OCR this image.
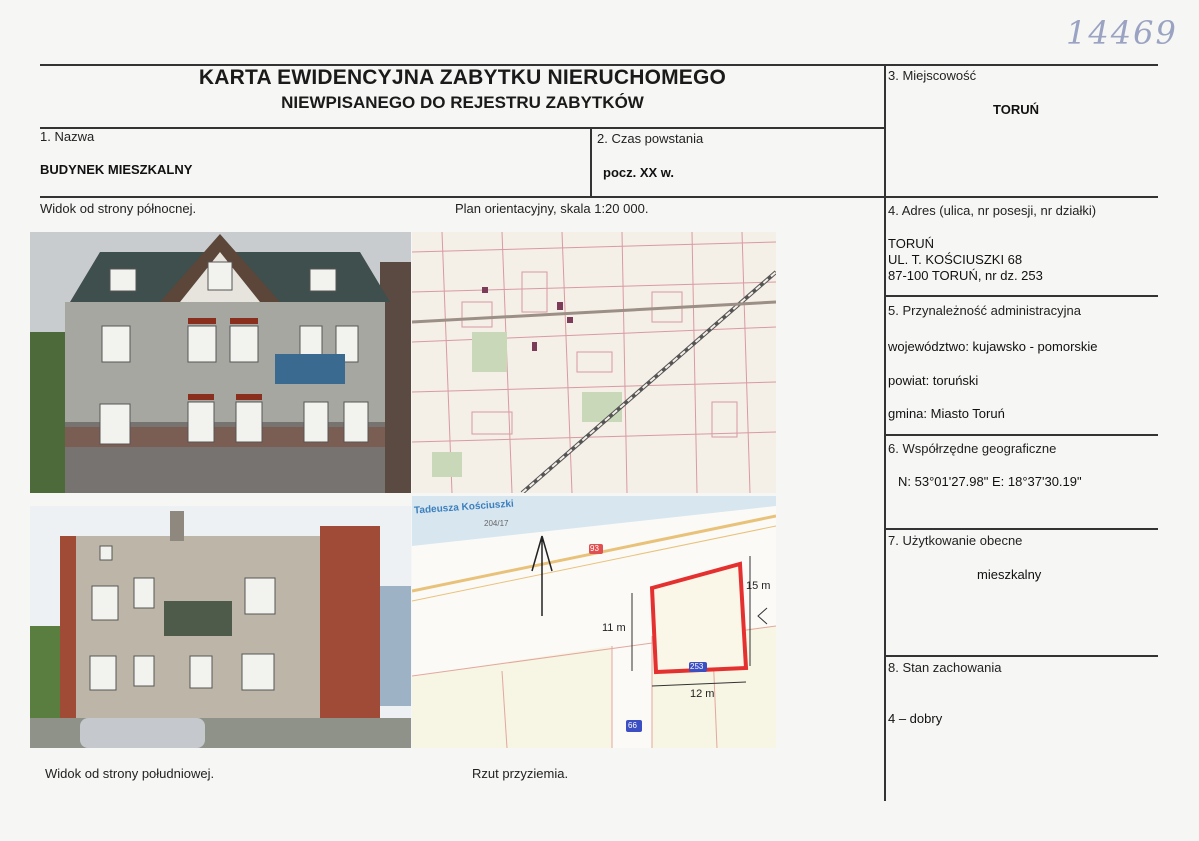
14469
KARTA EWIDENCYJNA ZABYTKU NIERUCHOMEGO
NIEWPISANEGO DO REJESTRU ZABYTKÓW
1. Nazwa
BUDYNEK MIESZKALNY
2. Czas powstania
pocz. XX w.
3. Miejscowość
TORUŃ
4. Adres (ulica, nr posesji, nr działki)
TORUŃ
UL. T. KOŚCIUSZKI 68
87-100 TORUŃ, nr dz. 253
5. Przynależność administracyjna
województwo: kujawsko - pomorskie
powiat: toruński
gmina: Miasto Toruń
6. Współrzędne geograficzne
N: 53°01'27.98" E: 18°37'30.19"
7. Użytkowanie obecne
mieszkalny
8. Stan zachowania
4 – dobry
Widok od strony północnej.	Plan orientacyjny, skala 1:20 000.
Widok od strony południowej.	Rzut przyziemia.
Tadeusza Kościuszki
204/17
93
253
66
15 m
11 m
12 m
